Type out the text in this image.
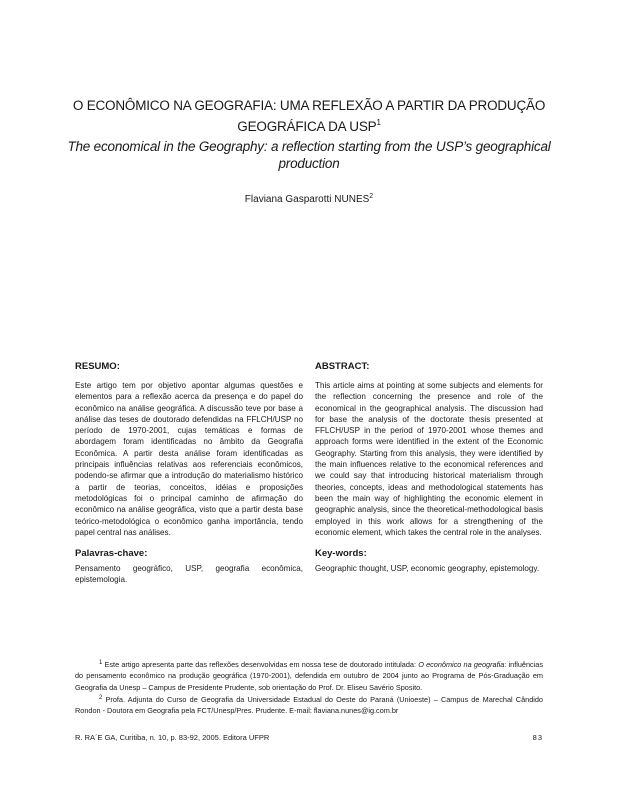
O ECONÔMICO NA GEOGRAFIA: UMA REFLEXÃO A PARTIR DA PRODUÇÃO GEOGRÁFICA DA USP$^1$
The economical in the Geography: a reflection starting from the USP’s geographical production
Flaviana Gasparotti NUNES$^2$

RESUMO:

Este artigo tem por objetivo apontar algumas questões e elementos para a reflexão acerca da presença e do papel do econômico na análise geográfica. A discussão teve por base a análise das teses de doutorado defendidas na FFLCH/USP no período de 1970-2001, cujas temáticas e formas de abordagem foram identificadas no âmbito da Geografia Econômica. A partir desta análise foram identificadas as principais influências relativas aos referenciais econômicos, podendo-se afirmar que a introdução do materialismo histórico a partir de teorias, conceitos, idéias e proposições metodológicas foi o principal caminho de afirmação do econômico na análise geográfica, visto que a partir desta base teórico-metodológica o econômico ganha importância, tendo papel central nas análises.

Palavras-chave:

Pensamento geográfico, USP, geografia econômica, epistemologia.

ABSTRACT:

This article aims at pointing at some subjects and elements for the reflection concerning the presence and role of the economical in the geographical analysis. The discussion had for base the analysis of the doctorate thesis presented at FFLCH/USP in the period of 1970-2001 whose themes and approach forms were identified in the extent of the Economic Geography. Starting from this analysis, they were identified by the main influences relative to the economical references and we could say that introducing historical materialism through theories, concepts, ideas and methodological statements has been the main way of highlighting the economic element in geographic analysis, since the theoretical-methodological basis employed in this work allows for a strengthening of the economic element, which takes the central role in the analyses.

Key-words:

Geographic thought, USP, economic geography, epistemology.

$^1$ Este artigo apresenta parte das reflexões desenvolvidas em nossa tese de doutorado intitulada: O econômico na geografia: influências do pensamento econômico na produção geográfica (1970-2001), defendida em outubro de 2004 junto ao Programa de Pós-Graduação em Geografia da Unesp – Campus de Presidente Prudente, sob orientação do Prof. Dr. Eliseu Savério Sposito.

$^2$ Profa. Adjunta do Curso de Geografia da Universidade Estadual do Oeste do Paraná (Unioeste) – Campus de Marechal Cândido Rondon - Doutora em Geografia pela FCT/Unesp/Pres. Prudente. E-mail: flaviana.nunes@ig.com.br

R. RA´E GA, Curitiba, n. 10, p. 83-92, 2005. Editora UFPR	83
